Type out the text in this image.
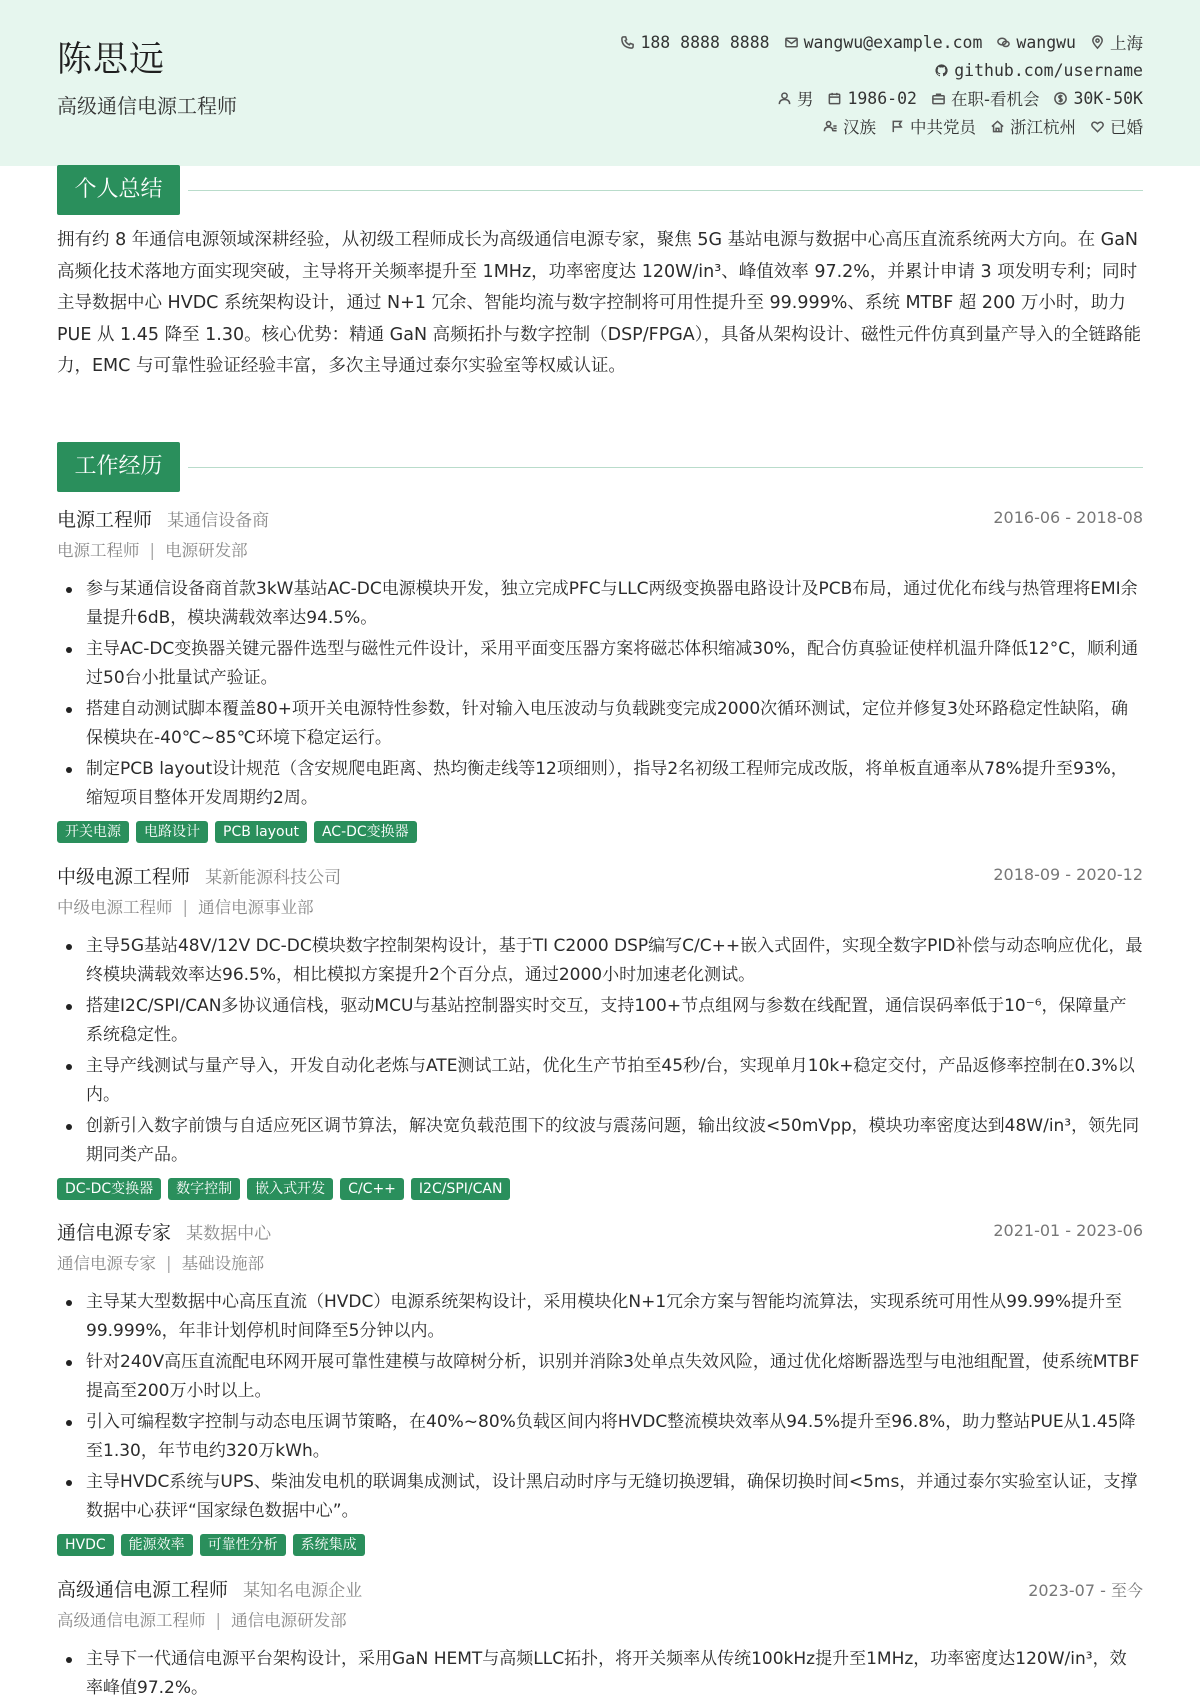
陈思远
高级通信电源工程师
188 8888 8888 wangwu@example.com wangwu 上海
github.com/username
男 1986-02 在职-看机会 30K-50K
汉族 中共党员 浙江杭州 已婚
个人总结
拥有约 8 年通信电源领域深耕经验，从初级工程师成长为高级通信电源专家，聚焦 5G 基站电源与数据中心高压直流系统两大方向。在 GaN 高频化技术落地方面实现突破，主导将开关频率提升至 1MHz，功率密度达 120W/in³、峰值效率 97.2%，并累计申请 3 项发明专利；同时主导数据中心 HVDC 系统架构设计，通过 N+1 冗余、智能均流与数字控制将可用性提升至 99.999%、系统 MTBF 超 200 万小时，助力 PUE 从 1.45 降至 1.30。核心优势：精通 GaN 高频拓扑与数字控制（DSP/FPGA），具备从架构设计、磁性元件仿真到量产导入的全链路能力，EMC 与可靠性验证经验丰富，多次主导通过泰尔实验室等权威认证。
工作经历
电源工程师 某通信设备商	2016-06 - 2018-08
电源工程师 | 电源研发部
参与某通信设备商首款3kW基站AC-DC电源模块开发，独立完成PFC与LLC两级变换器电路设计及PCB布局，通过优化布线与热管理将EMI余量提升6dB，模块满载效率达94.5%。
主导AC-DC变换器关键元器件选型与磁性元件设计，采用平面变压器方案将磁芯体积缩减30%，配合仿真验证使样机温升降低12°C，顺利通过50台小批量试产验证。
搭建自动测试脚本覆盖80+项开关电源特性参数，针对输入电压波动与负载跳变完成2000次循环测试，定位并修复3处环路稳定性缺陷，确保模块在-40℃~85℃环境下稳定运行。
制定PCB layout设计规范（含安规爬电距离、热均衡走线等12项细则），指导2名初级工程师完成改版，将单板直通率从78%提升至93%，缩短项目整体开发周期约2周。
开关电源	电路设计	PCB layout	AC-DC变换器
中级电源工程师 某新能源科技公司	2018-09 - 2020-12
中级电源工程师 | 通信电源事业部
主导5G基站48V/12V DC-DC模块数字控制架构设计，基于TI C2000 DSP编写C/C++嵌入式固件，实现全数字PID补偿与动态响应优化，最终模块满载效率达96.5%，相比模拟方案提升2个百分点，通过2000小时加速老化测试。
搭建I2C/SPI/CAN多协议通信栈，驱动MCU与基站控制器实时交互，支持100+节点组网与参数在线配置，通信误码率低于10⁻⁶，保障量产系统稳定性。
主导产线测试与量产导入，开发自动化老炼与ATE测试工站，优化生产节拍至45秒/台，实现单月10k+稳定交付，产品返修率控制在0.3%以内。
创新引入数字前馈与自适应死区调节算法，解决宽负载范围下的纹波与震荡问题，输出纹波<50mVpp，模块功率密度达到48W/in³，领先同期同类产品。
DC-DC变换器	数字控制	嵌入式开发	C/C++	I2C/SPI/CAN
通信电源专家 某数据中心	2021-01 - 2023-06
通信电源专家 | 基础设施部
主导某大型数据中心高压直流（HVDC）电源系统架构设计，采用模块化N+1冗余方案与智能均流算法，实现系统可用性从99.99%提升至99.999%，年非计划停机时间降至5分钟以内。
针对240V高压直流配电环网开展可靠性建模与故障树分析，识别并消除3处单点失效风险，通过优化熔断器选型与电池组配置，使系统MTBF提高至200万小时以上。
引入可编程数字控制与动态电压调节策略，在40%~80%负载区间内将HVDC整流模块效率从94.5%提升至96.8%，助力整站PUE从1.45降至1.30，年节电约320万kWh。
主导HVDC系统与UPS、柴油发电机的联调集成测试，设计黑启动时序与无缝切换逻辑，确保切换时间<5ms，并通过泰尔实验室认证，支撑数据中心获评“国家绿色数据中心”。
HVDC	能源效率	可靠性分析	系统集成
高级通信电源工程师 某知名电源企业	2023-07 - 至今
高级通信电源工程师 | 通信电源研发部
主导下一代通信电源平台架构设计，采用GaN HEMT与高频LLC拓扑，将开关频率从传统100kHz提升至1MHz，功率密度达120W/in³，效率峰值97.2%。
